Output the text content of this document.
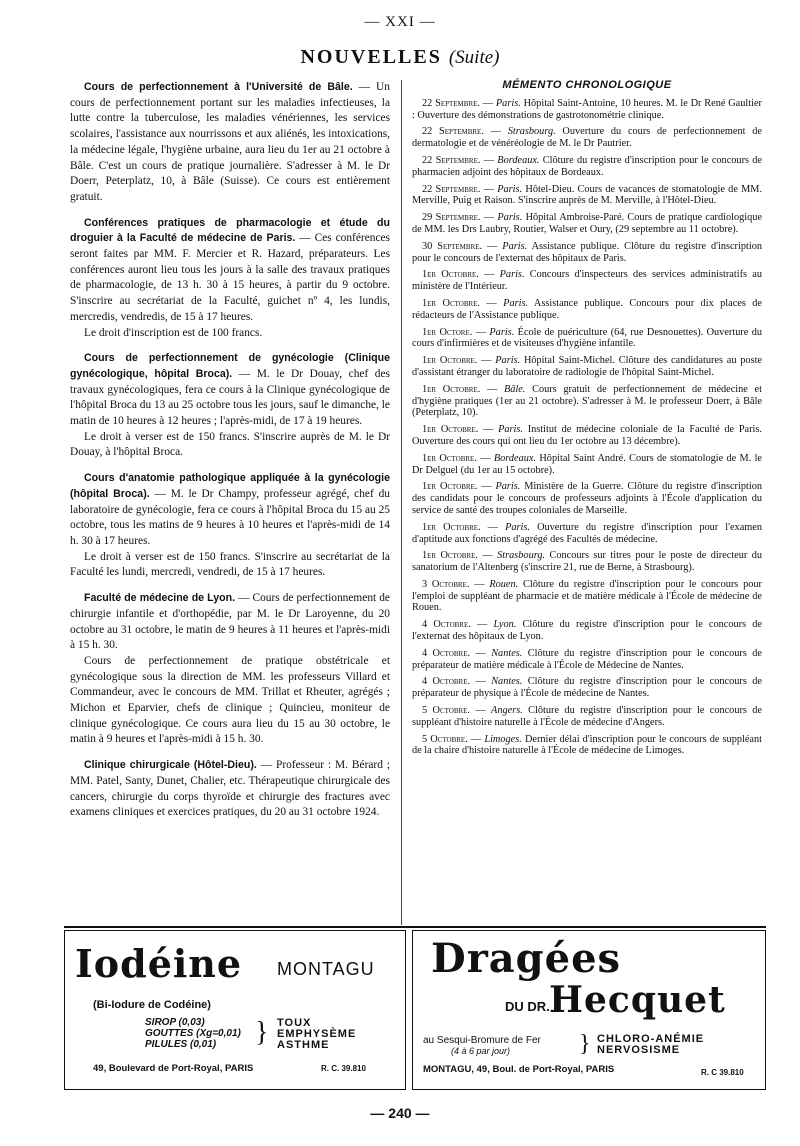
— XXI —
NOUVELLES (Suite)

Cours de perfectionnement à l'Université de Bâle. — Un cours de perfectionnement portant sur les maladies infectieuses, la lutte contre la tuberculose, les maladies vénériennes, les services scolaires, l'assistance aux nourrissons et aux aliénés, les intoxications, la médecine légale, l'hygiène urbaine, aura lieu du 1er au 21 octobre à Bâle. C'est un cours de pratique journalière. S'adresser à M. le Dr Doerr, Peterplatz, 10, à Bâle (Suisse). Ce cours est entièrement gratuit.

Conférences pratiques de pharmacologie et étude du droguier à la Faculté de médecine de Paris. — Ces conférences seront faites par MM. F. Mercier et R. Hazard, préparateurs. Les conférences auront lieu tous les jours à la salle des travaux pratiques de pharmacologie, de 13 h. 30 à 15 heures, à partir du 9 octobre. S'inscrire au secrétariat de la Faculté, guichet nº 4, les lundis, mercredis, vendredis, de 15 à 17 heures.

Le droit d'inscription est de 100 francs.

Cours de perfectionnement de gynécologie (Clinique gynécologique, hôpital Broca). — M. le Dr Douay, chef des travaux gynécologiques, fera ce cours à la Clinique gynécologique de l'hôpital Broca du 13 au 25 octobre tous les jours, sauf le dimanche, le matin de 10 heures à 12 heures ; l'après-midi, de 17 à 19 heures.

Le droit à verser est de 150 francs. S'inscrire auprès de M. le Dr Douay, à l'hôpital Broca.

Cours d'anatomie pathologique appliquée à la gynécologie (hôpital Broca). — M. le Dr Champy, professeur agrégé, chef du laboratoire de gynécologie, fera ce cours à l'hôpital Broca du 15 au 25 octobre, tous les matins de 9 heures à 10 heures et l'après-midi de 14 h. 30 à 17 heures.

Le droit à verser est de 150 francs. S'inscrire au secrétariat de la Faculté les lundi, mercredi, vendredi, de 15 à 17 heures.

Faculté de médecine de Lyon. — Cours de perfectionnement de chirurgie infantile et d'orthopédie, par M. le Dr Laroyenne, du 20 octobre au 31 octobre, le matin de 9 heures à 11 heures et l'après-midi à 15 h. 30.

Cours de perfectionnement de pratique obstétricale et gynécologique sous la direction de MM. les professeurs Villard et Commandeur, avec le concours de MM. Trillat et Rheuter, agrégés ; Michon et Eparvier, chefs de clinique ; Quincieu, moniteur de clinique gynécologique. Ce cours aura lieu du 15 au 30 octobre, le matin à 9 heures et l'après-midi à 15 h. 30.

Clinique chirurgicale (Hôtel-Dieu). — Professeur : M. Bérard ; MM. Patel, Santy, Dunet, Chalier, etc. Thérapeutique chirurgicale des cancers, chirurgie du corps thyroïde et chirurgie des fractures avec examens cliniques et exercices pratiques, du 20 au 31 octobre 1924.

MÉMENTO CHRONOLOGIQUE
22 Septembre. — Paris. Hôpital Saint-Antoine, 10 heures. M. le Dr René Gaultier : Ouverture des démonstrations de gastrotonométrie clinique.
22 Septembre. — Strasbourg. Ouverture du cours de perfectionnement de dermatologie et de vénéréologie de M. le Dr Pautrier.
22 Septembre. — Bordeaux. Clôture du registre d'inscription pour le concours de pharmacien adjoint des hôpitaux de Bordeaux.
22 Septembre. — Paris. Hôtel-Dieu. Cours de vacances de stomatologie de MM. Merville, Puig et Raison. S'inscrire auprès de M. Merville, à l'Hôtel-Dieu.
29 Septembre. — Paris. Hôpital Ambroise-Paré. Cours de pratique cardiologique de MM. les Drs Laubry, Routier, Walser et Oury, (29 septembre au 11 octobre).
30 Septembre. — Paris. Assistance publique. Clôture du registre d'inscription pour le concours de l'externat des hôpitaux de Paris.
1er Octobre. — Paris. Concours d'inspecteurs des services administratifs au ministère de l'Intérieur.
1er Octobre. — Paris. Assistance publique. Concours pour dix places de rédacteurs de l'Assistance publique.
1er Octore. — Paris. École de puériculture (64, rue Desnouettes). Ouverture du cours d'infirmières et de visiteuses d'hygiène infantile.
1er Octobre. — Paris. Hôpital Saint-Michel. Clôture des candidatures au poste d'assistant étranger du laboratoire de radiologie de l'hôpital Saint-Michel.
1er Octobre. — Bâle. Cours gratuit de perfectionnement de médecine et d'hygiène pratiques (1er au 21 octobre). S'adresser à M. le professeur Doerr, à Bâle (Peterplatz, 10).
1er Octobre. — Paris. Institut de médecine coloniale de la Faculté de Paris. Ouverture des cours qui ont lieu du 1er octobre au 13 décembre).
1er Octobre. — Bordeaux. Hôpital Saint André. Cours de stomatologie de M. le Dr Delguel (du 1er au 15 octobre).
1er Octobre. — Paris. Ministère de la Guerre. Clôture du registre d'inscription des candidats pour le concours de professeurs adjoints à l'École d'application du service de santé des troupes coloniales de Marseille.
1er Octobre. — Paris. Ouverture du registre d'inscription pour l'examen d'aptitude aux fonctions d'agrégé des Facultés de médecine.
1er Octobre. — Strasbourg. Concours sur titres pour le poste de directeur du sanatorium de l'Altenberg (s'inscrire 21, rue de Berne, à Strasbourg).
3 Octobre. — Rouen. Clôture du registre d'inscription pour le concours pour l'emploi de suppléant de pharmacie et de matière médicale à l'École de médecine de Rouen.
4 Octobre. — Lyon. Clôture du registre d'inscription pour le concours de l'externat des hôpitaux de Lyon.
4 Octobre. — Nantes. Clôture du registre d'inscription pour le concours de préparateur de matière médicale à l'École de Médecine de Nantes.
4 Octobre. — Nantes. Clôture du registre d'inscription pour le concours de préparateur de physique à l'École de médecine de Nantes.
5 Octobre. — Angers. Clôture du registre d'inscription pour le concours de suppléant d'histoire naturelle à l'École de médecine d'Angers.
5 Octobre. — Limoges. Dernier délai d'inscription pour le concours de suppléant de la chaire d'histoire naturelle à l'École de médecine de Limoges.
Iodéine MONTAGU
(Bi-Iodure de Codéine)
SIROP (0,03)
GOUTTES (Xg=0,01)
PILULES (0,01)	} TOUX
EMPHYSÈME
ASTHME
49, Boulevard de Port-Royal, PARIS	R. C. 39.810
Dragées
DU DR. Hecquet
au Sesqui-Bromure de Fer
(4 à 6 par jour)	} CHLORO-ANÉMIE
NERVOSISME
MONTAGU, 49, Boul. de Port-Royal, PARIS	R. C 39.810
— 240 —
